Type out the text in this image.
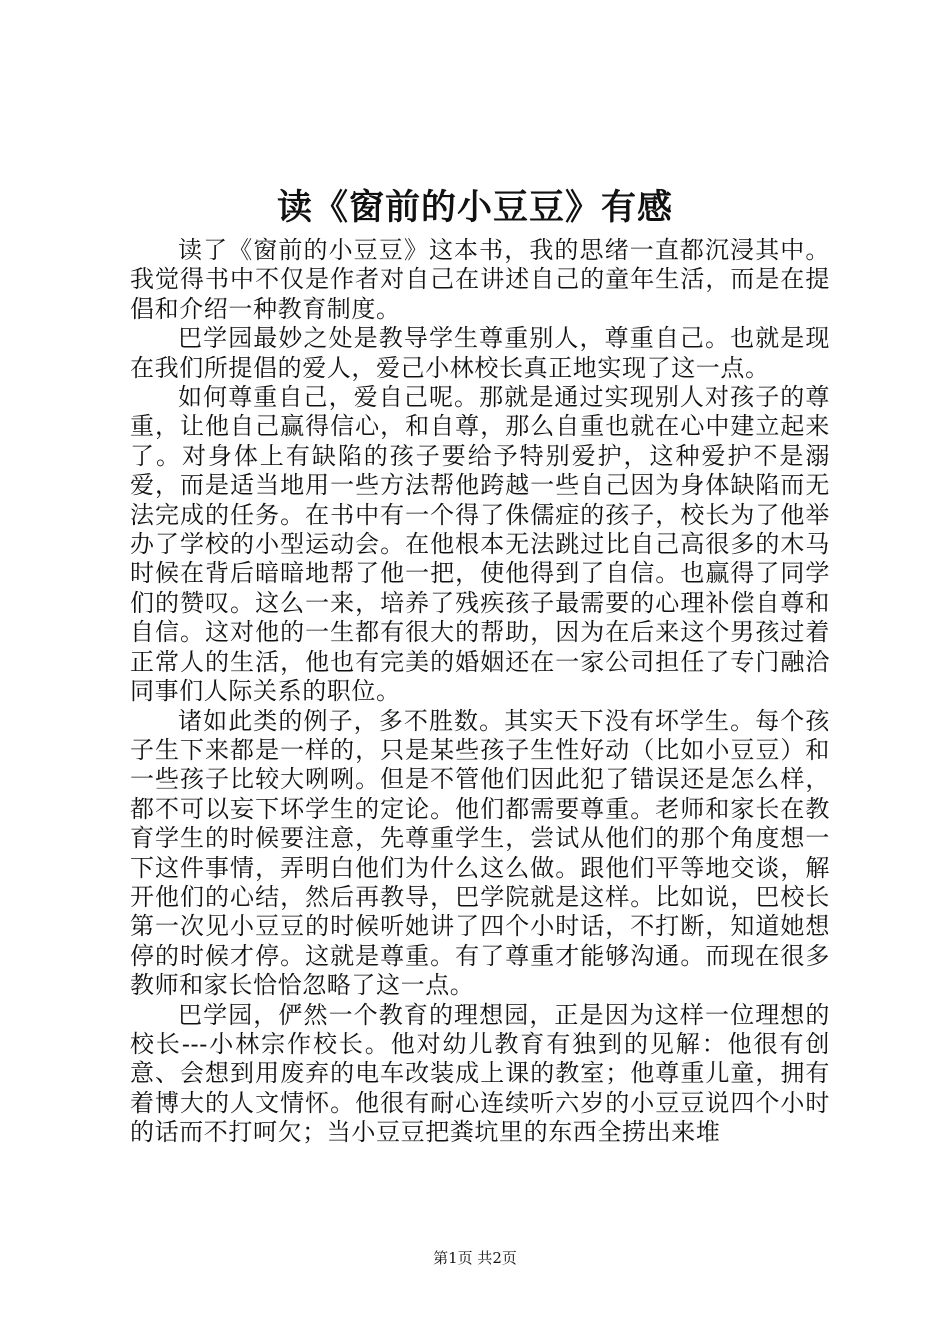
读《窗前的小豆豆》有感

读了《窗前的小豆豆》这本书，我的思绪一直都沉浸其中。我觉得书中不仅是作者对自己在讲述自己的童年生活，而是在提倡和介绍一种教育制度。

巴学园最妙之处是教导学生尊重别人，尊重自己。也就是现在我们所提倡的爱人，爱己小林校长真正地实现了这一点。

如何尊重自己，爱自己呢。那就是通过实现别人对孩子的尊重，让他自己赢得信心，和自尊，那么自重也就在心中建立起来了。对身体上有缺陷的孩子要给予特别爱护，这种爱护不是溺爱，而是适当地用一些方法帮他跨越一些自己因为身体缺陷而无法完成的任务。在书中有一个得了侏儒症的孩子，校长为了他举办了学校的小型运动会。在他根本无法跳过比自己高很多的木马时候在背后暗暗地帮了他一把，使他得到了自信。也赢得了同学们的赞叹。这么一来，培养了残疾孩子最需要的心理补偿自尊和自信。这对他的一生都有很大的帮助，因为在后来这个男孩过着正常人的生活，他也有完美的婚姻还在一家公司担任了专门融洽同事们人际关系的职位。

诸如此类的例子，多不胜数。其实天下没有坏学生。每个孩子生下来都是一样的，只是某些孩子生性好动（比如小豆豆）和一些孩子比较大咧咧。但是不管他们因此犯了错误还是怎么样，都不可以妄下坏学生的定论。他们都需要尊重。老师和家长在教育学生的时候要注意，先尊重学生，尝试从他们的那个角度想一下这件事情，弄明白他们为什么这么做。跟他们平等地交谈，解开他们的心结，然后再教导，巴学院就是这样。比如说，巴校长第一次见小豆豆的时候听她讲了四个小时话，不打断，知道她想停的时候才停。这就是尊重。有了尊重才能够沟通。而现在很多教师和家长恰恰忽略了这一点。

巴学园，俨然一个教育的理想园，正是因为这样一位理想的校长---小林宗作校长。他对幼儿教育有独到的见解：他很有创意、会想到用废弃的电车改装成上课的教室；他尊重儿童，拥有着博大的人文情怀。他很有耐心连续听六岁的小豆豆说四个小时的话而不打呵欠；当小豆豆把粪坑里的东西全捞出来堆

第1页 共2页
